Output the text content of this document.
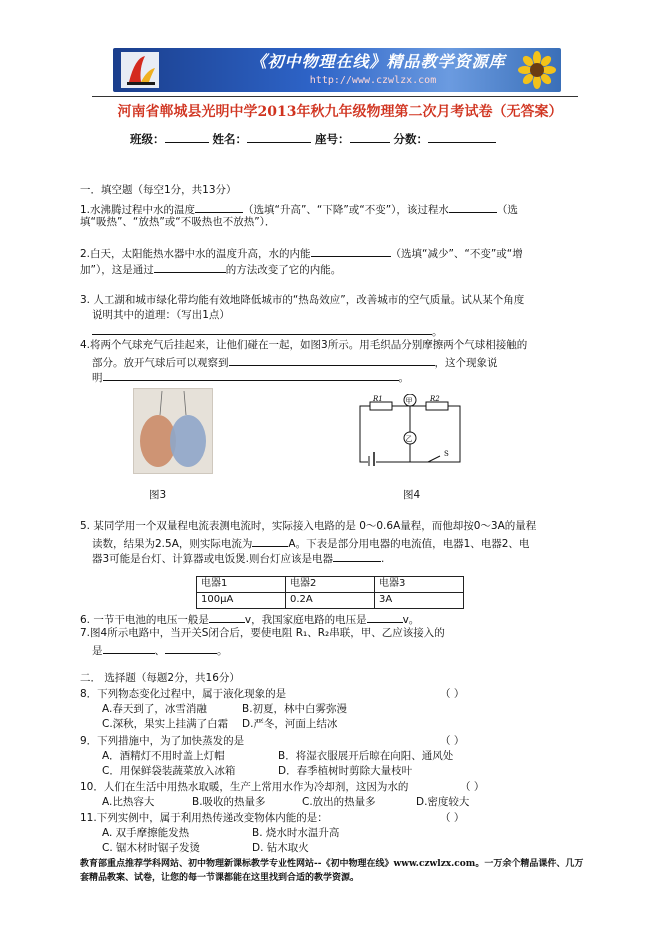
《初中物理在线》精品教学资源库
http://www.czwlzx.com
河南省郸城县光明中学2013年秋九年级物理第二次月考试卷（无答案）
班级：	姓名：	座号：	分数：
一．填空题（每空1分，共13分）
1.水沸腾过程中水的温度	（选填“升高”、“下降”或“不变”），该过程水	（选
填“吸热”、“放热”或“不吸热也不放热”）．
2.白天，太阳能热水器中水的温度升高，水的内能	（选填“减少”、“不变”或“增
加”），这是通过	的方法改变了它的内能。
3. 人工湖和城市绿化带均能有效地降低城市的“热岛效应”，改善城市的空气质量。试从某个角度
说明其中的道理：（写出1点）
。
4.将两个气球充气后挂起来，让他们碰在一起，如图3所示。用毛织品分别摩擦两个气球相接触的
部分。放开气球后可以观察到	，这个现象说
明	。
图3
R1	R2
甲
乙
S
图4
5. 某同学用一个双量程电流表测电流时，实际接入电路的是 0～0.6A量程，而他却按0～3A的量程
读数，结果为2.5A，则实际电流为	A。下表是部分用电器的电流值，电器1、电器2、电
器3可能是台灯、计算器或电饭煲.则台灯应该是电器	.
电器1	电器2	电器3
100μA	0.2A	3A
6. 一节干电池的电压一般是	v，我国家庭电路的电压是	v。
7.图4所示电路中，当开关S闭合后，要使电阻 R₁、R₂串联，甲、乙应该接入的
是	、	。
二． 选择题（每题2分，共16分）
8．下列物态变化过程中，属于液化现象的是	（ ）
A.春天到了，冰雪消融	B.初夏，林中白雾弥漫
C.深秋，果实上挂满了白霜 D.严冬，河面上结冰
9．下列措施中，为了加快蒸发的是	（ ）
A．酒精灯不用时盖上灯帽	B．将湿衣服展开后晾在向阳、通风处
C．用保鲜袋装蔬菜放入冰箱	D．春季植树时剪除大量枝叶
10．人们在生活中用热水取暖，生产上常用水作为冷却剂，这因为水的	（ ）
A.比热容大	B.吸收的热量多	C.放出的热量多	D.密度较大
11.下列实例中，属于利用热传递改变物体内能的是：	（ ）
A. 双手摩擦能发热	B. 烧水时水温升高
C. 锯木材时锯子发烫	D. 钻木取火
教育部重点推荐学科网站、初中物理新课标教学专业性网站--《初中物理在线》www.czwlzx.com。一万余个精品课件、几万套精品教案、试卷，让您的每一节课都能在这里找到合适的教学资源。
